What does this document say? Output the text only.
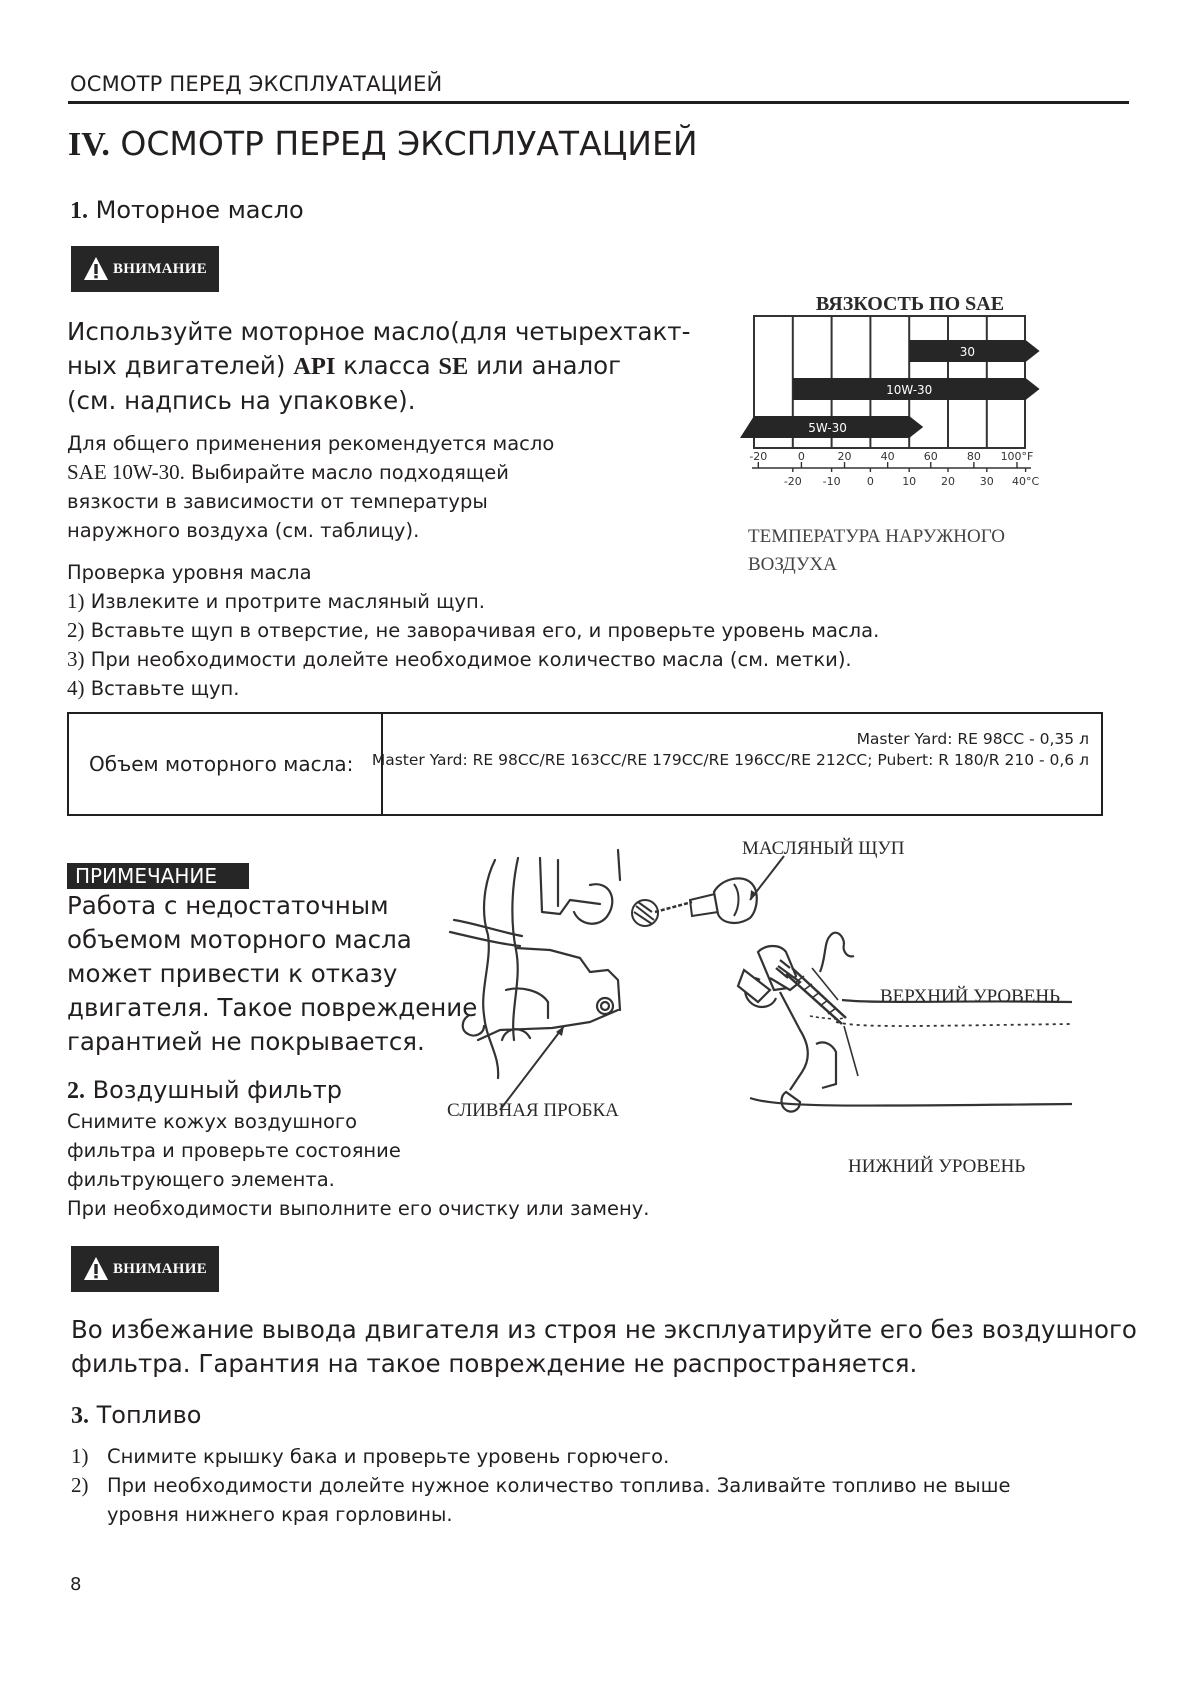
ОСМОТР ПЕРЕД ЭКСПЛУАТАЦИЕЙ
IV. ОСМОТР ПЕРЕД ЭКСПЛУАТАЦИЕЙ
1. Моторное масло
ВНИМАНИЕ
Используйте моторное масло(для четырехтакт-
ных двигателей) API класса SE или аналог
(см. надпись на упаковке).
Для общего применения рекомендуется масло
SAE 10W-30. Выбирайте масло подходящей
вязкости в зависимости от температуры
наружного воздуха (см. таблицу).
Проверка уровня масла
1) Извлеките и протрите масляный щуп.
2) Вставьте щуп в отверстие, не заворачивая его, и проверьте уровень масла.
3) При необходимости долейте необходимое количество масла (см. метки).
4) Вставьте щуп.
ВЯЗКОСТЬ ПО SAE
30
10W-30
5W-30
-20	0	20	40	60	80 100°F
-20 -10 0	10 20 30 40°C
ТЕМПЕРАТУРА НАРУЖНОГО
ВОЗДУХА
Объем моторного масла:
Master Yard: RE 98CC - 0,35 л
Master Yard: RE 98CC/RE 163CC/RE 179CC/RE 196CC/RE 212CC; Pubert: R 180/R 210 - 0,6 л
ПРИМЕЧАНИЕ
Работа с недостаточным
объемом моторного масла
может привести к отказу
двигателя. Такое повреждение
гарантией не покрывается.
МАСЛЯНЫЙ ЩУП
ВЕРХНИЙ УРОВЕНЬ
СЛИВНАЯ ПРОБКА
НИЖНИЙ УРОВЕНЬ
2. Воздушный фильтр
Снимите кожух воздушного
фильтра и проверьте состояние
фильтрующего элемента.
При необходимости выполните его очистку или замену.
ВНИМАНИЕ
Во избежание вывода двигателя из строя не эксплуатируйте его без воздушного
фильтра. Гарантия на такое повреждение не распространяется.
3. Топливо
1) Снимите крышку бака и проверьте уровень горючего.
2) При необходимости долейте нужное количество топлива. Заливайте топливо не выше
уровня нижнего края горловины.
8
